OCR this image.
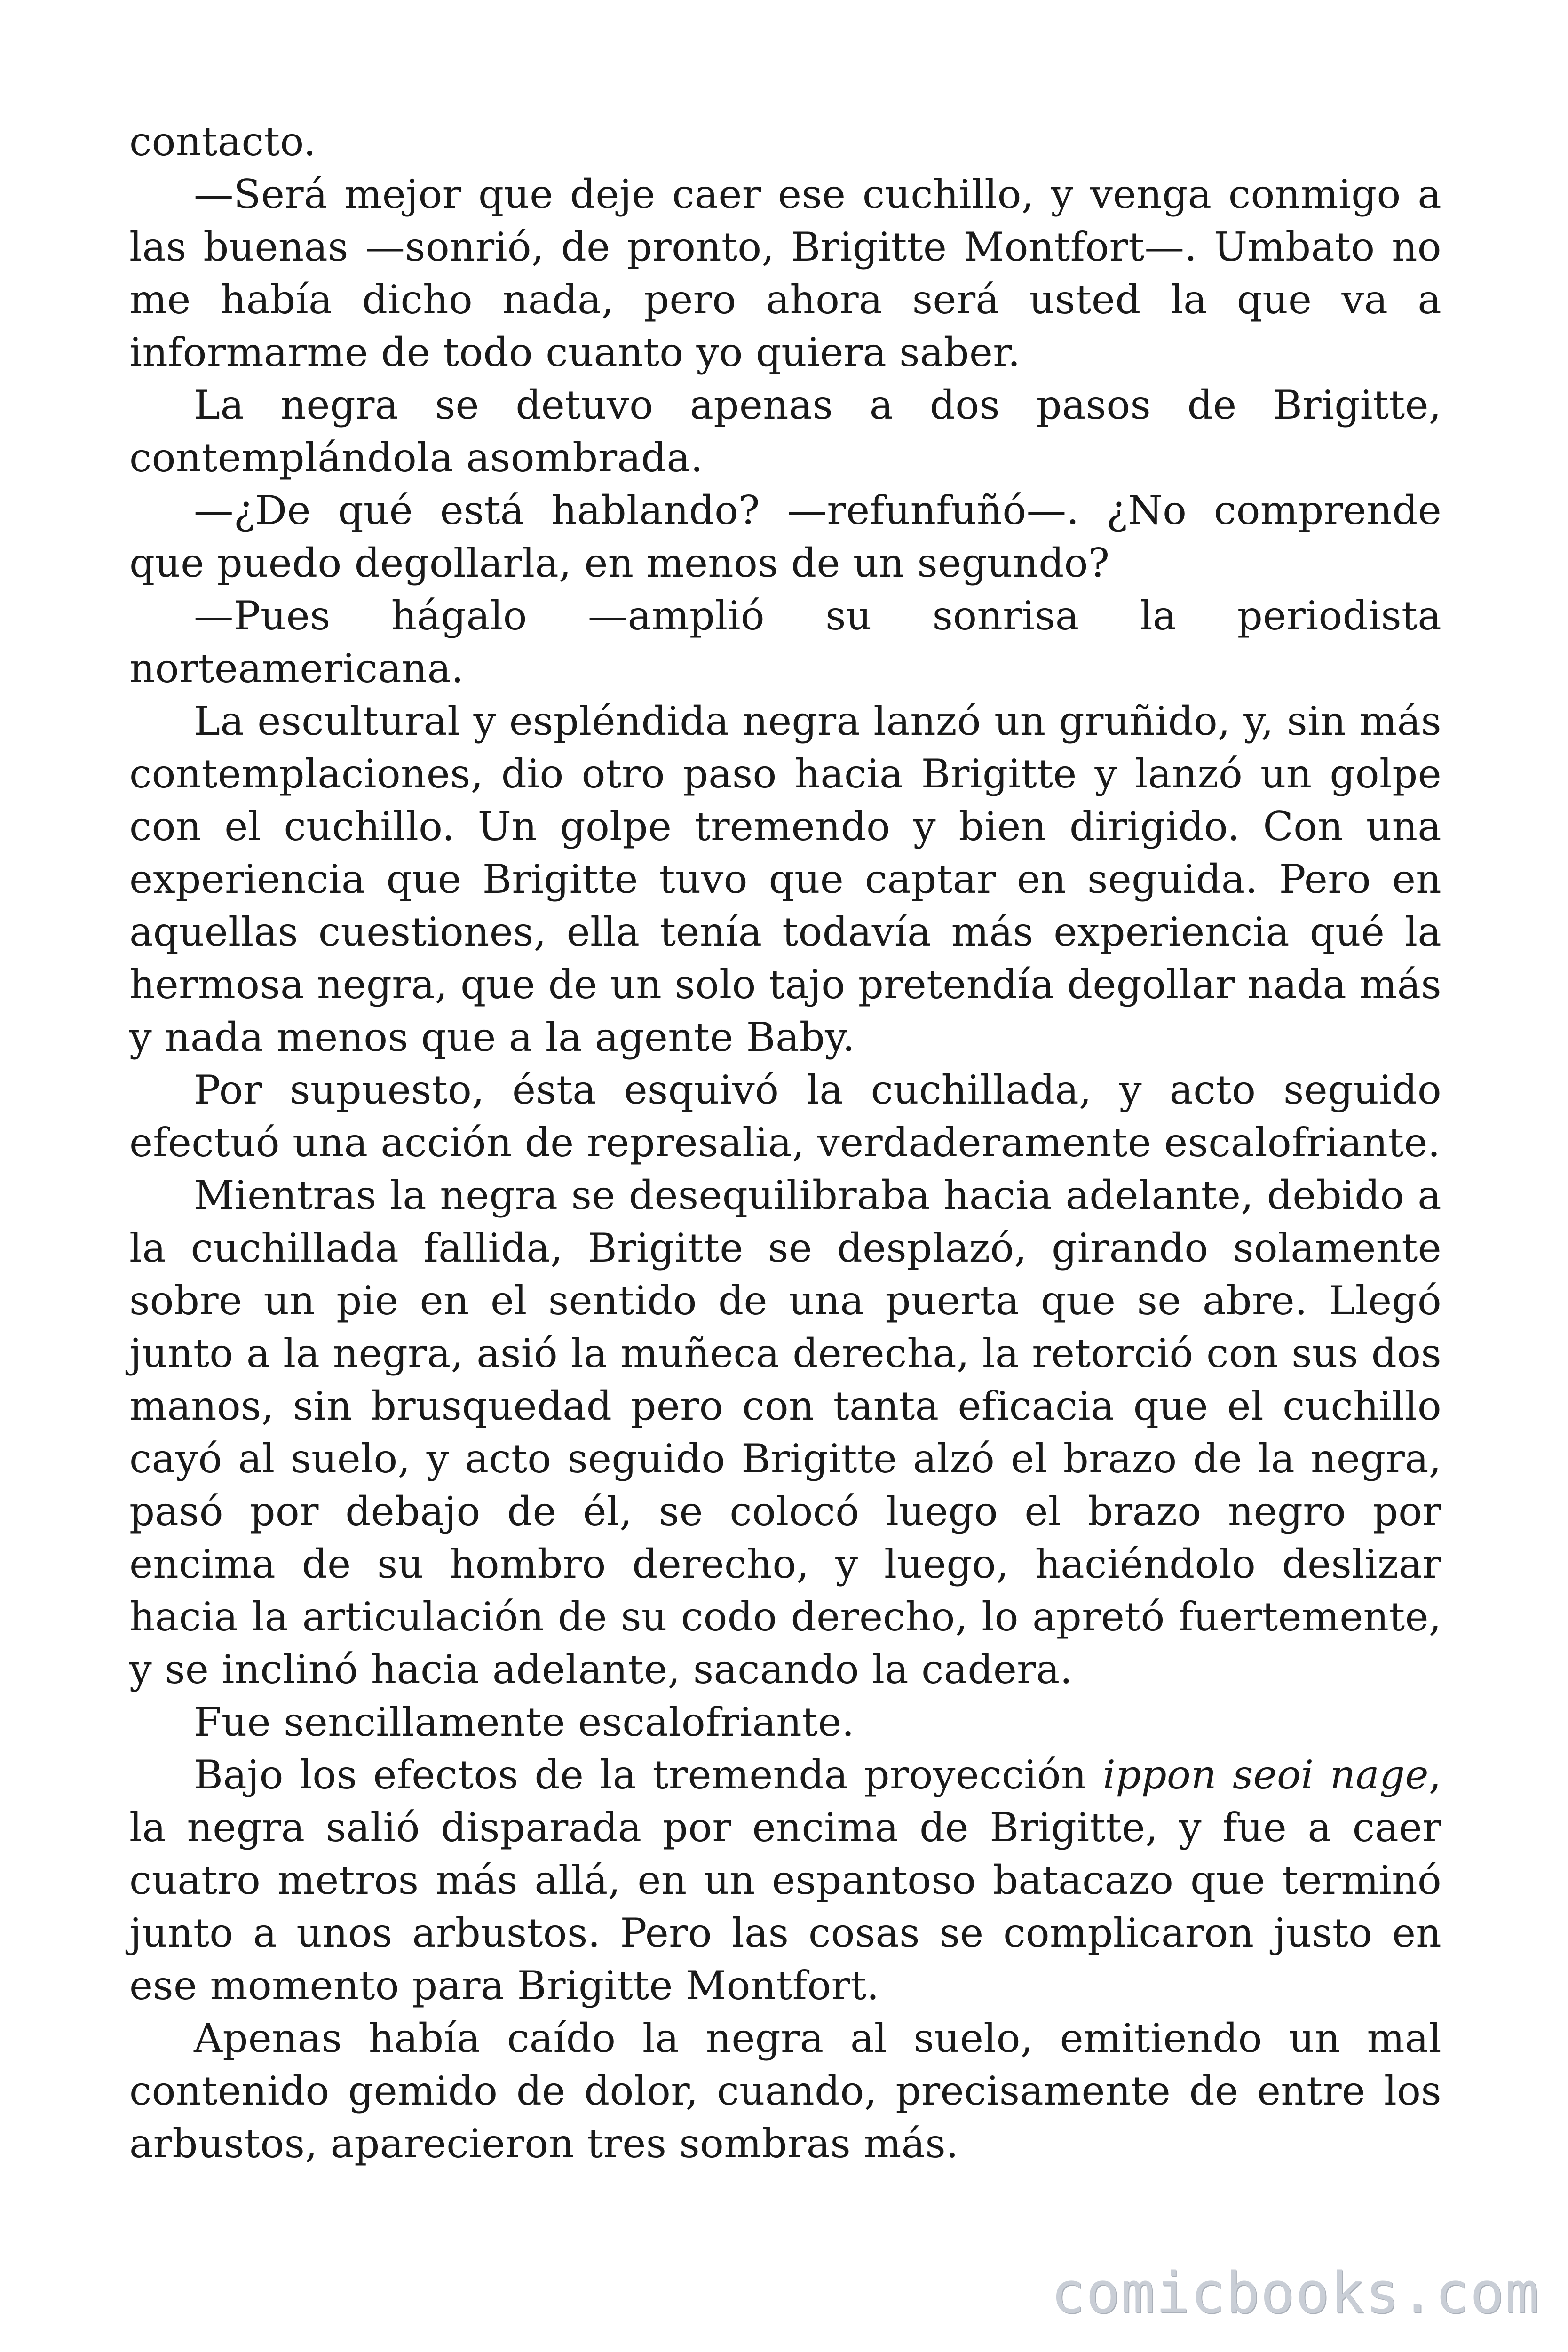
contacto.

—Será mejor que deje caer ese cuchillo, y venga conmigo a las buenas —sonrió, de pronto, Brigitte Montfort—. Umbato no me había dicho nada, pero ahora será usted la que va a informarme de todo cuanto yo quiera saber.

La negra se detuvo apenas a dos pasos de Brigitte, contemplándola asombrada.

—¿De qué está hablando? —refunfuñó—. ¿No comprende que puedo degollarla, en menos de un segundo?

—Pues hágalo —amplió su sonrisa la periodista norteamericana.

La escultural y espléndida negra lanzó un gruñido, y, sin más contemplaciones, dio otro paso hacia Brigitte y lanzó un golpe con el cuchillo. Un golpe tremendo y bien dirigido. Con una experiencia que Brigitte tuvo que captar en seguida. Pero en aquellas cuestiones, ella tenía todavía más experiencia qué la hermosa negra, que de un solo tajo pretendía degollar nada más y nada menos que a la agente Baby.

Por supuesto, ésta esquivó la cuchillada, y acto seguido efectuó una acción de represalia, verdaderamente escalofriante.

Mientras la negra se desequilibraba hacia adelante, debido a la cuchillada fallida, Brigitte se desplazó, girando solamente sobre un pie en el sentido de una puerta que se abre. Llegó junto a la negra, asió la muñeca derecha, la retorció con sus dos manos, sin brusquedad pero con tanta eficacia que el cuchillo cayó al suelo, y acto seguido Brigitte alzó el brazo de la negra, pasó por debajo de él, se colocó luego el brazo negro por encima de su hombro derecho, y luego, haciéndolo deslizar hacia la articulación de su codo derecho, lo apretó fuertemente, y se inclinó hacia adelante, sacando la cadera.

Fue sencillamente escalofriante.

Bajo los efectos de la tremenda proyección ippon seoi nage, la negra salió disparada por encima de Brigitte, y fue a caer cuatro metros más allá, en un espantoso batacazo que terminó junto a unos arbustos. Pero las cosas se complicaron justo en ese momento para Brigitte Montfort.

Apenas había caído la negra al suelo, emitiendo un mal contenido gemido de dolor, cuando, precisamente de entre los arbustos, aparecieron tres sombras más.

comicbooks.com
